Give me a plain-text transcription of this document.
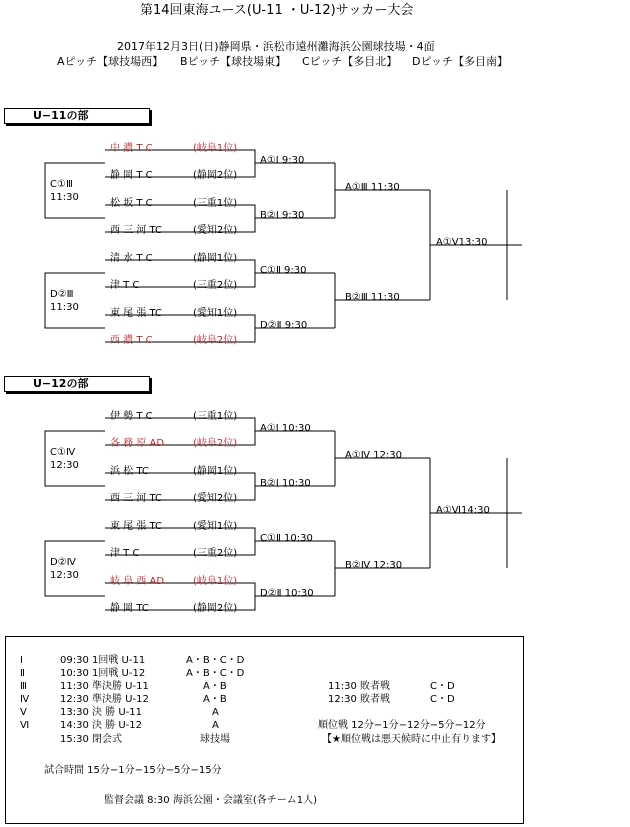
第14回東海ユース(U-11 ・U-12)サッカー大会
2017年12月3日(日)静岡県・浜松市遠州灘海浜公園球技場・4面
Aピッチ【球技場西】 Bピッチ【球技場東】 Cピッチ【多目北】 Dピッチ【多目南】
U−11の部
U−12の部
中 濃 T C	(岐阜1位)
静 岡 T C	(静岡2位)
松 坂 T C	(三重1位)
西 三 河 TC	(愛知2位)
清 水 T C	(静岡1位)
津 T C	(三重2位)
東 尾 張 TC	(愛知1位)
西 濃 T C	(岐阜2位)
A①Ⅰ 9:30
B②Ⅰ 9:30
C①Ⅱ 9:30
D②Ⅱ 9:30
A①Ⅲ 11:30
B②Ⅲ 11:30
A①Ⅴ13:30
C①Ⅲ
11:30
D②Ⅲ
11:30
伊 勢 T C	(三重1位)
各 務 原 AD	(岐阜2位)
浜 松 TC	(静岡1位)
西 三 河 TC	(愛知2位)
東 尾 張 TC	(愛知1位)
津 T C	(三重2位)
岐 阜 西 AD	(岐阜1位)
静 岡 TC	(静岡2位)
A①Ⅰ 10:30
B②Ⅰ 10:30
C①Ⅱ 10:30
D②Ⅱ 10:30
A①Ⅳ 12:30
B②Ⅳ 12:30
A①Ⅵ14:30
C①Ⅳ
12:30
D②Ⅳ
12:30
Ⅰ	09:30 1回戦 U-11	A・B・C・D
Ⅱ	10:30 1回戦 U-12	A・B・C・D
Ⅲ	11:30 準決勝 U-11	A・B
Ⅳ	12:30 準決勝 U-12	A・B
Ⅴ	13:30 決 勝 U-11	A
Ⅵ	14:30 決 勝 U-12	A
15:30 閉会式	球技場
11:30 敗者戦	C・D
12:30 敗者戦	C・D
順位戦 12分−1分−12分−5分−12分
【★順位戦は悪天候時に中止有ります】
試合時間 15分−1分−15分−5分−15分
監督会議 8:30 海浜公園・会議室(各チーム1人)
